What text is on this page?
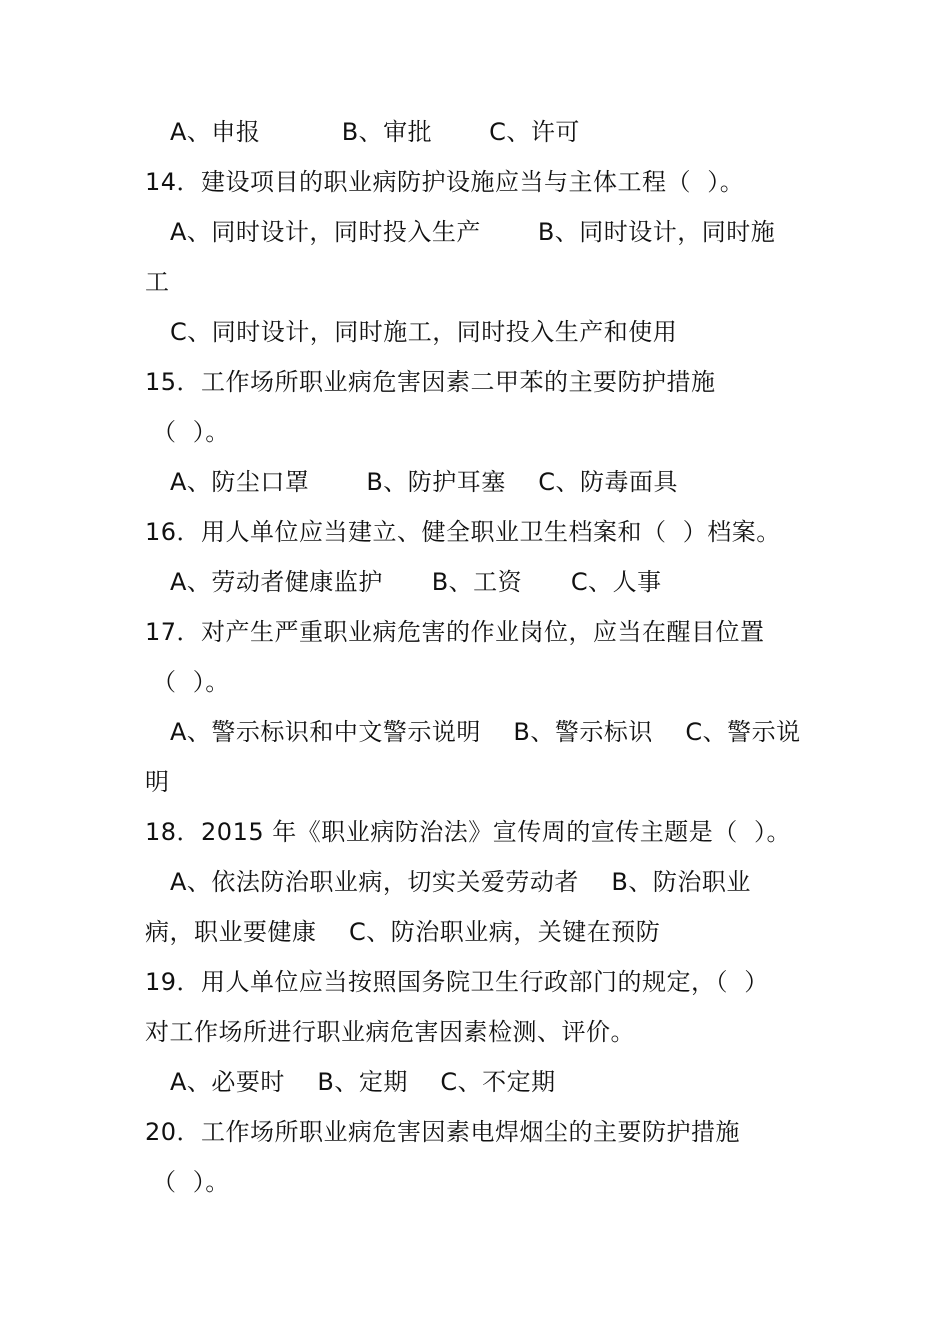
A、申报          B、审批       C、许可
14．建设项目的职业病防护设施应当与主体工程（  ）。
A、同时设计，同时投入生产       B、同时设计，同时施
工
C、同时设计，同时施工，同时投入生产和使用
15．工作场所职业病危害因素二甲苯的主要防护措施
（  ）。
A、防尘口罩       B、防护耳塞    C、防毒面具
16．用人单位应当建立、健全职业卫生档案和（  ）档案。
A、劳动者健康监护      B、工资      C、人事
17．对产生严重职业病危害的作业岗位，应当在醒目位置
（  ）。
A、警示标识和中文警示说明    B、警示标识    C、警示说
明
18．2015 年《职业病防治法》宣传周的宣传主题是（  ）。
A、依法防治职业病，切实关爱劳动者    B、防治职业
病，职业要健康    C、防治职业病，关键在预防
19．用人单位应当按照国务院卫生行政部门的规定，（  ）
对工作场所进行职业病危害因素检测、评价。
A、必要时    B、定期    C、不定期
20．工作场所职业病危害因素电焊烟尘的主要防护措施
（  ）。
